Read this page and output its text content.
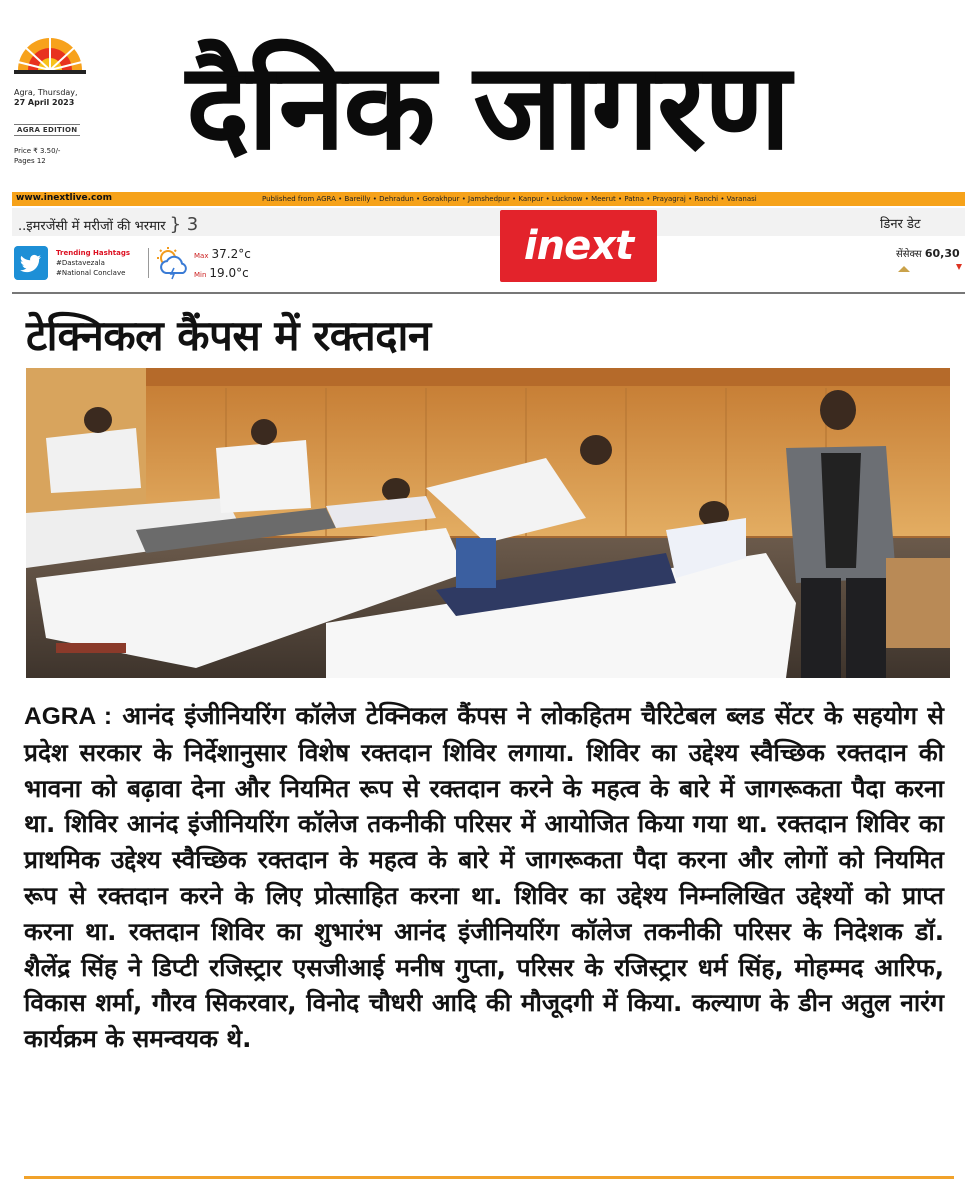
Agra, Thursday,
27 April 2023
AGRA EDITION
Price ₹ 3.50/-
Pages 12 दैनिक जागरण
www.inextlive.com	Published from AGRA • Bareilly • Dehradun • Gorakhpur • Jamshedpur • Kanpur • Lucknow • Meerut • Patna • Prayagraj • Ranchi • Varanasi
..इमरजेंसी में मरीजों की भरमार } 3	डिनर डेट
inext
Trending Hashtags
#Dastavezala
#National Conclave
Max 37.2°c
Min 19.0°c
सेंसेक्स 60,30
टेक्निकल कैंपस में रक्तदान
AGRA : आनंद इंजीनियरिंग कॉलेज टेक्निकल कैंपस ने लोकहितम चैरिटेबल ब्लड सेंटर के सहयोग से प्रदेश सरकार के निर्देशानुसार विशेष रक्तदान शिविर लगाया. शिविर का उद्देश्य स्वैच्छिक रक्तदान की भावना को बढ़ावा देना और नियमित रूप से रक्तदान करने के महत्व के बारे में जागरूकता पैदा करना था. शिविर आनंद इंजीनियरिंग कॉलेज तकनीकी परिसर में आयोजित किया गया था. रक्तदान शिविर का प्राथमिक उद्देश्य स्वैच्छिक रक्तदान के महत्व के बारे में जागरूकता पैदा करना और लोगों को नियमित रूप से रक्तदान करने के लिए प्रोत्साहित करना था. शिविर का उद्देश्य निम्नलिखित उद्देश्यों को प्राप्त करना था. रक्तदान शिविर का शुभारंभ आनंद इंजीनियरिंग कॉलेज तकनीकी परिसर के निदेशक डॉ. शैलेंद्र सिंह ने डिप्टी रजिस्ट्रार एसजीआई मनीष गुप्ता, परिसर के रजिस्ट्रार धर्म सिंह, मोहम्मद आरिफ, विकास शर्मा, गौरव सिकरवार, विनोद चौधरी आदि की मौजूदगी में किया. कल्याण के डीन अतुल नारंग कार्यक्रम के समन्वयक थे.
